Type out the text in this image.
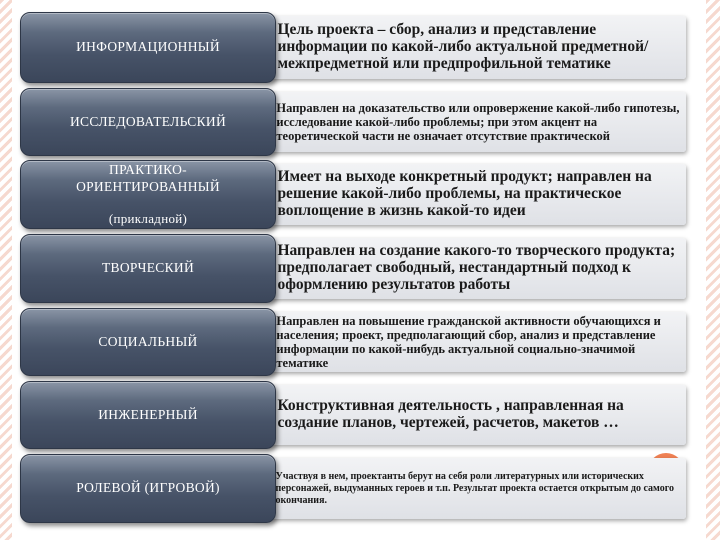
Цель проекта – сбор, анализ и представление информации по какой-либо актуальной предметной/межпредметной или предпрофильной тематике
ИНФОРМАЦИОННЫЙ
Направлен на доказательство или опровержение какой-либо гипотезы, исследование какой-либо проблемы; при этом акцент на теоретической части не означает отсутствие практической
ИССЛЕДОВАТЕЛЬСКИЙ
Имеет на выходе конкретный продукт; направлен на решение какой-либо проблемы, на практическое воплощение в жизнь какой-то идеи

ПРАКТИКО-ОРИЕНТИРОВАННЫЙ

(прикладной)

Направлен на создание какого-то творческого продукта; предполагает свободный, нестандартный подход к оформлению результатов работы
ТВОРЧЕСКИЙ
Направлен на повышение гражданской активности обучающихся и населения; проект, предполагающий сбор, анализ и представление информации по какой-нибудь актуальной социально-значимой тематике
СОЦИАЛЬНЫЙ
Конструктивная деятельность , направленная на создание планов, чертежей, расчетов, макетов …
ИНЖЕНЕРНЫЙ
Участвуя в нем, проектанты берут на себя роли литературных или исторических персонажей, выдуманных героев и т.п. Результат проекта остается открытым до самого окончания.
РОЛЕВОЙ (ИГРОВОЙ)
